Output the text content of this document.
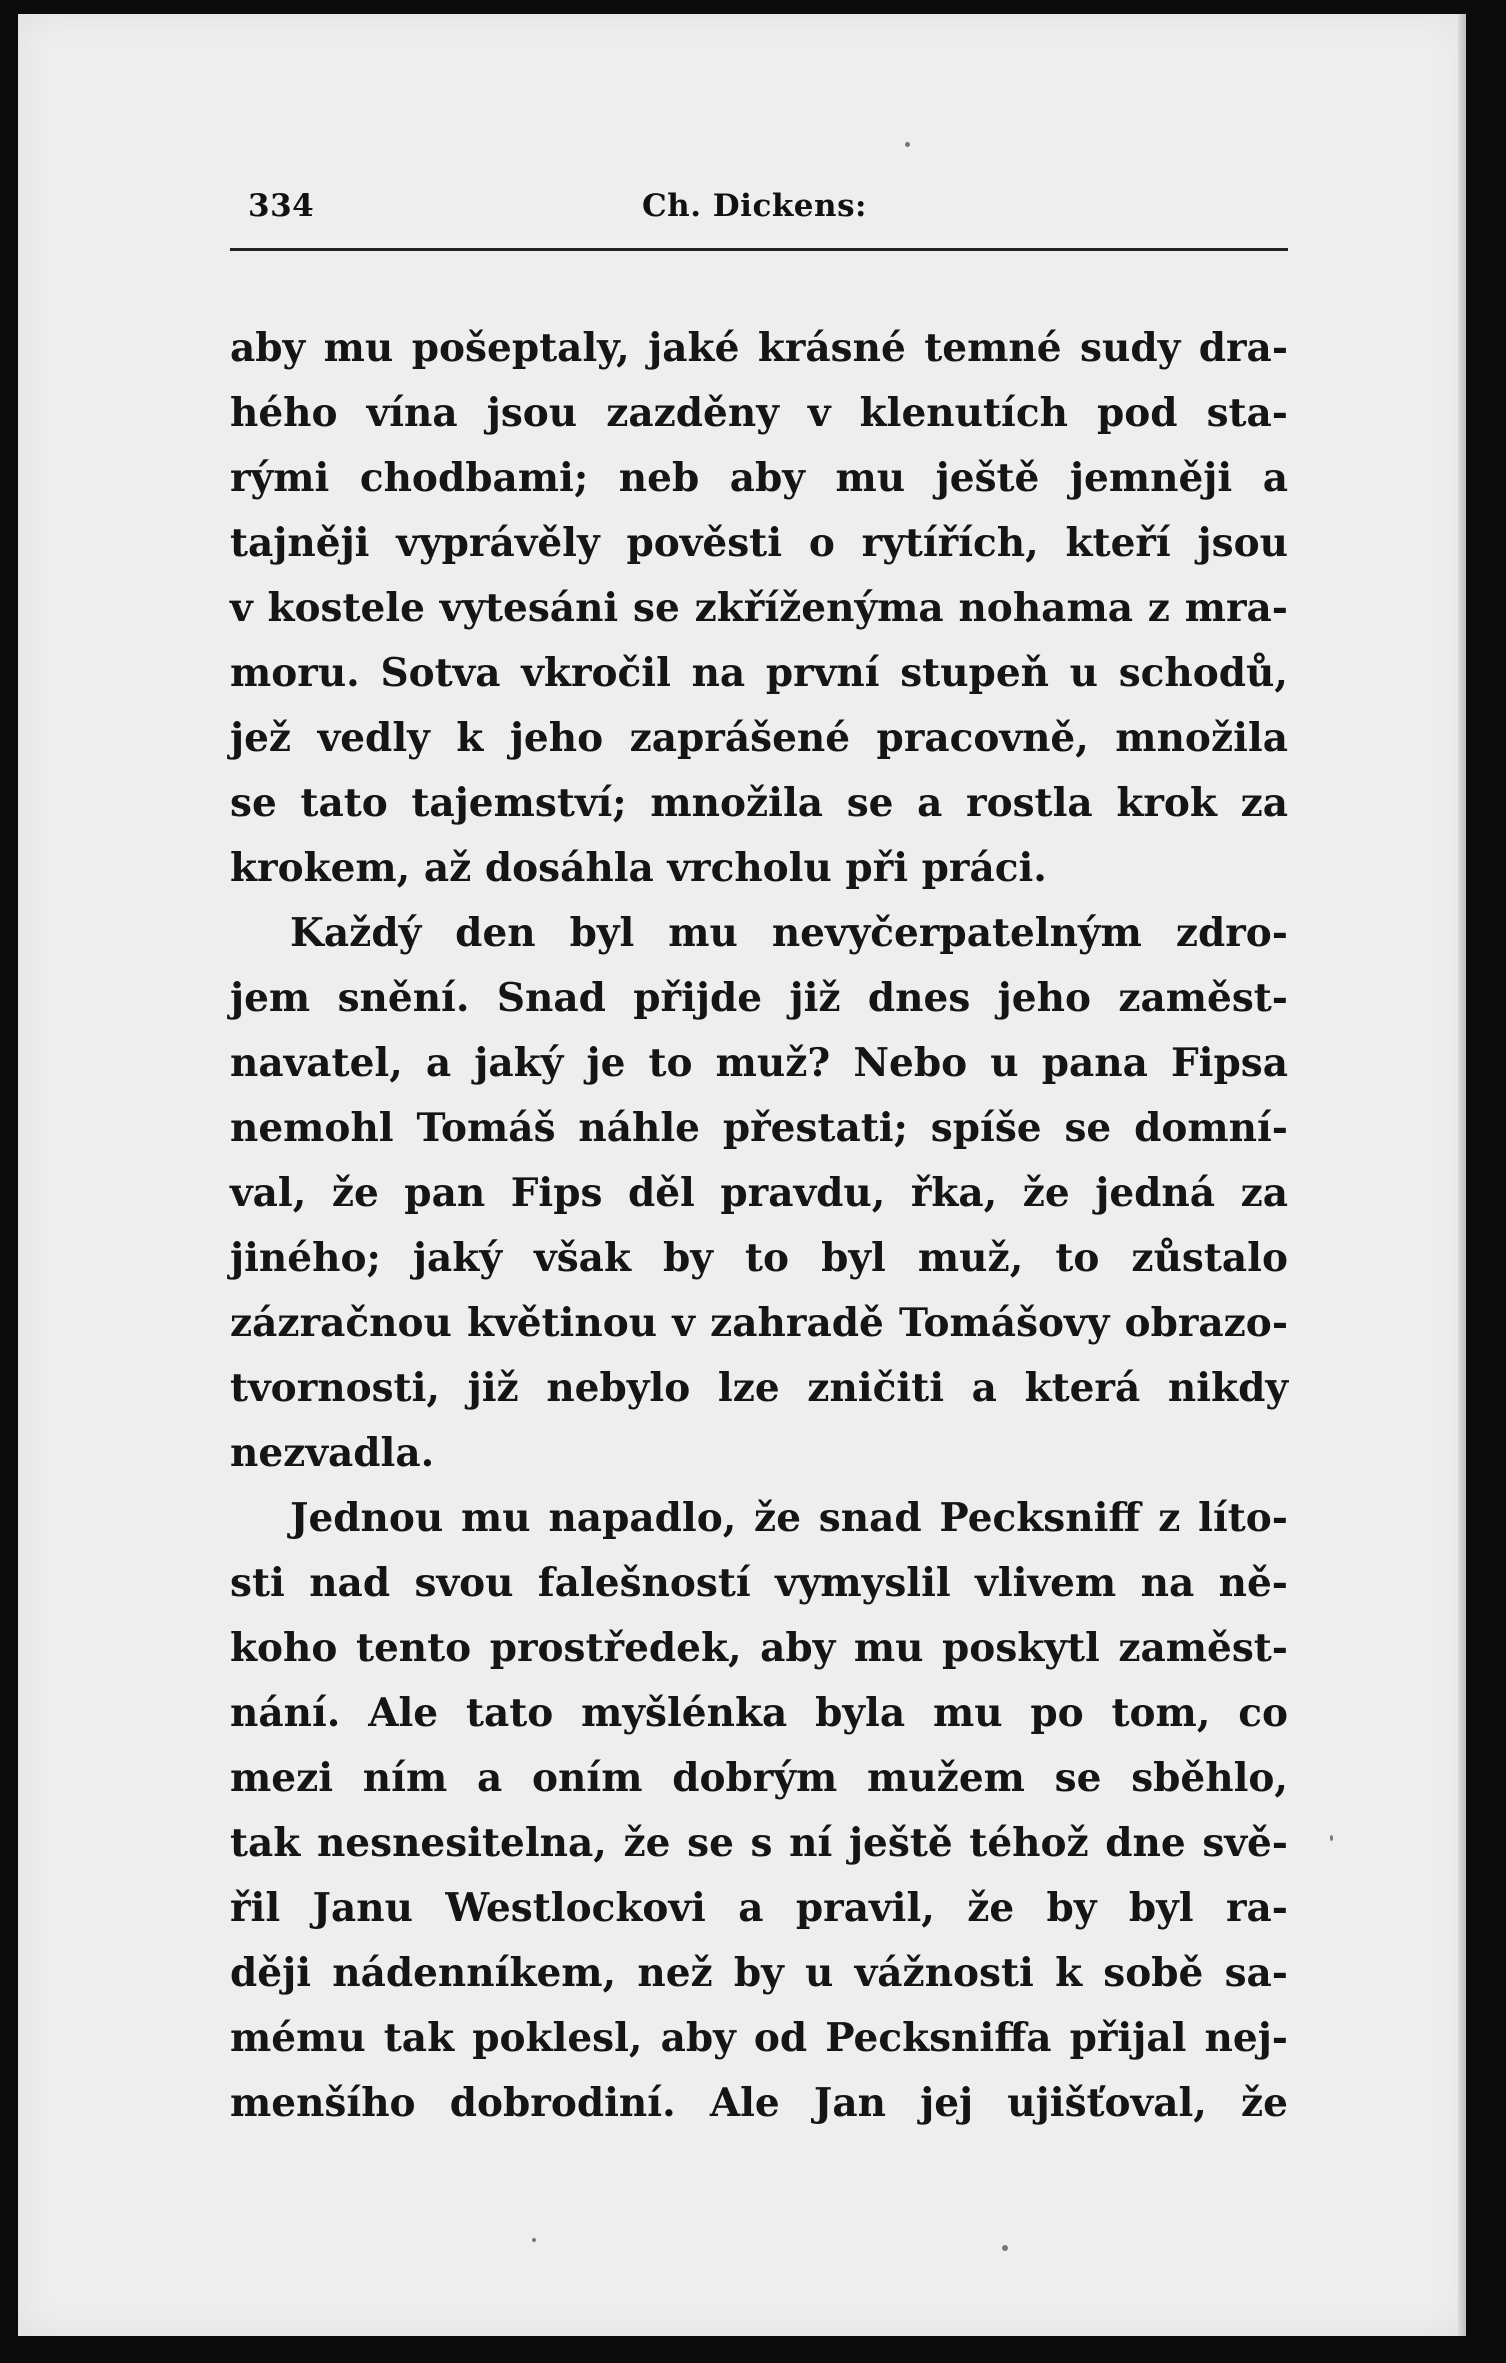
334	Ch. Dickens:
aby mu pošeptaly, jaké krásné temné sudy dra-
hého vína jsou zazděny v klenutích pod sta-
rými chodbami; neb aby mu ještě jemněji a
tajněji vyprávěly pověsti o rytířích, kteří jsou
v kostele vytesáni se zkříženýma nohama z mra-
moru. Sotva vkročil na první stupeň u schodů,
jež vedly k jeho zaprášené pracovně, množila
se tato tajemství; množila se a rostla krok za
krokem, až dosáhla vrcholu při práci.
Každý den byl mu nevyčerpatelným zdro-
jem snění. Snad přijde již dnes jeho zaměst-
navatel, a jaký je to muž? Nebo u pana Fipsa
nemohl Tomáš náhle přestati; spíše se domní-
val, že pan Fips děl pravdu, řka, že jedná za
jiného; jaký však by to byl muž, to zůstalo
zázračnou květinou v zahradě Tomášovy obrazo-
tvornosti, již nebylo lze zničiti a která nikdy
nezvadla.
Jednou mu napadlo, že snad Pecksniff z líto-
sti nad svou falešností vymyslil vlivem na ně-
koho tento prostředek, aby mu poskytl zaměst-
nání. Ale tato myšlénka byla mu po tom, co
mezi ním a oním dobrým mužem se sběhlo,
tak nesnesitelna, že se s ní ještě téhož dne svě-
řil Janu Westlockovi a pravil, že by byl ra-
ději nádenníkem, než by u vážnosti k sobě sa-
mému tak poklesl, aby od Pecksniffa přijal nej-
menšího dobrodiní. Ale Jan jej ujišťoval, že
